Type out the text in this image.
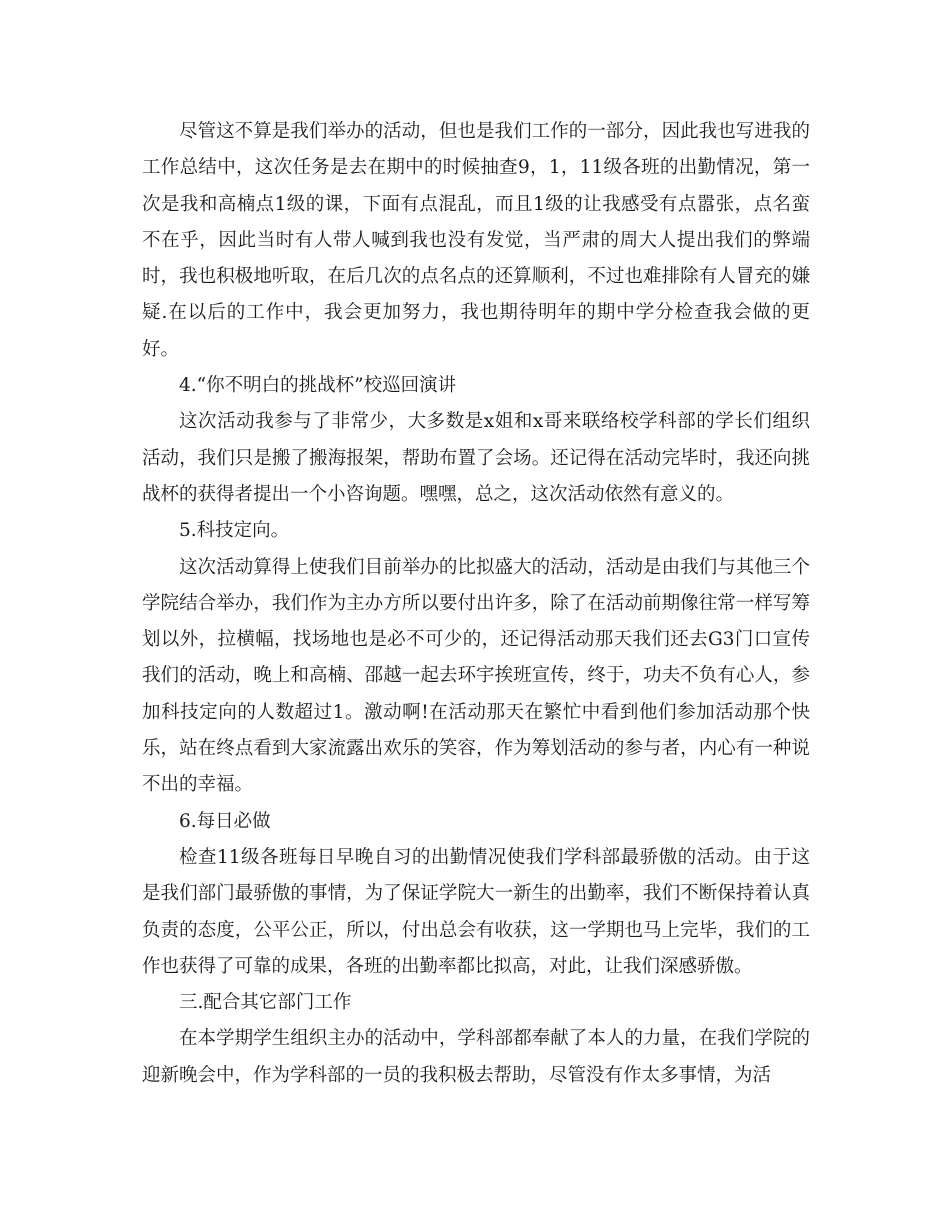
尽管这不算是我们举办的活动，但也是我们工作的一部分，因此我也写进我的工作总结中，这次任务是去在期中的时候抽查9，1，11级各班的出勤情况，第一次是我和高楠点1级的课，下面有点混乱，而且1级的让我感受有点嚣张，点名蛮不在乎，因此当时有人带人喊到我也没有发觉，当严肃的周大人提出我们的弊端时，我也积极地听取，在后几次的点名点的还算顺利，不过也难排除有人冒充的嫌疑.在以后的工作中，我会更加努力，我也期待明年的期中学分检查我会做的更好。

4.“你不明白的挑战杯”校巡回演讲

这次活动我参与了非常少，大多数是x姐和x哥来联络校学科部的学长们组织活动，我们只是搬了搬海报架，帮助布置了会场。还记得在活动完毕时，我还向挑战杯的获得者提出一个小咨询题。嘿嘿，总之，这次活动依然有意义的。

5.科技定向。

这次活动算得上使我们目前举办的比拟盛大的活动，活动是由我们与其他三个学院结合举办，我们作为主办方所以要付出许多，除了在活动前期像往常一样写筹划以外，拉横幅，找场地也是必不可少的，还记得活动那天我们还去G3门口宣传我们的活动，晚上和高楠、邵越一起去环宇挨班宣传，终于，功夫不负有心人，参加科技定向的人数超过1。激动啊!在活动那天在繁忙中看到他们参加活动那个快乐，站在终点看到大家流露出欢乐的笑容，作为筹划活动的参与者，内心有一种说不出的幸福。

6.每日必做

检查11级各班每日早晚自习的出勤情况使我们学科部最骄傲的活动。由于这是我们部门最骄傲的事情，为了保证学院大一新生的出勤率，我们不断保持着认真负责的态度，公平公正，所以，付出总会有收获，这一学期也马上完毕，我们的工作也获得了可靠的成果，各班的出勤率都比拟高，对此，让我们深感骄傲。

三.配合其它部门工作

在本学期学生组织主办的活动中，学科部都奉献了本人的力量，在我们学院的迎新晚会中，作为学科部的一员的我积极去帮助，尽管没有作太多事情，为活
